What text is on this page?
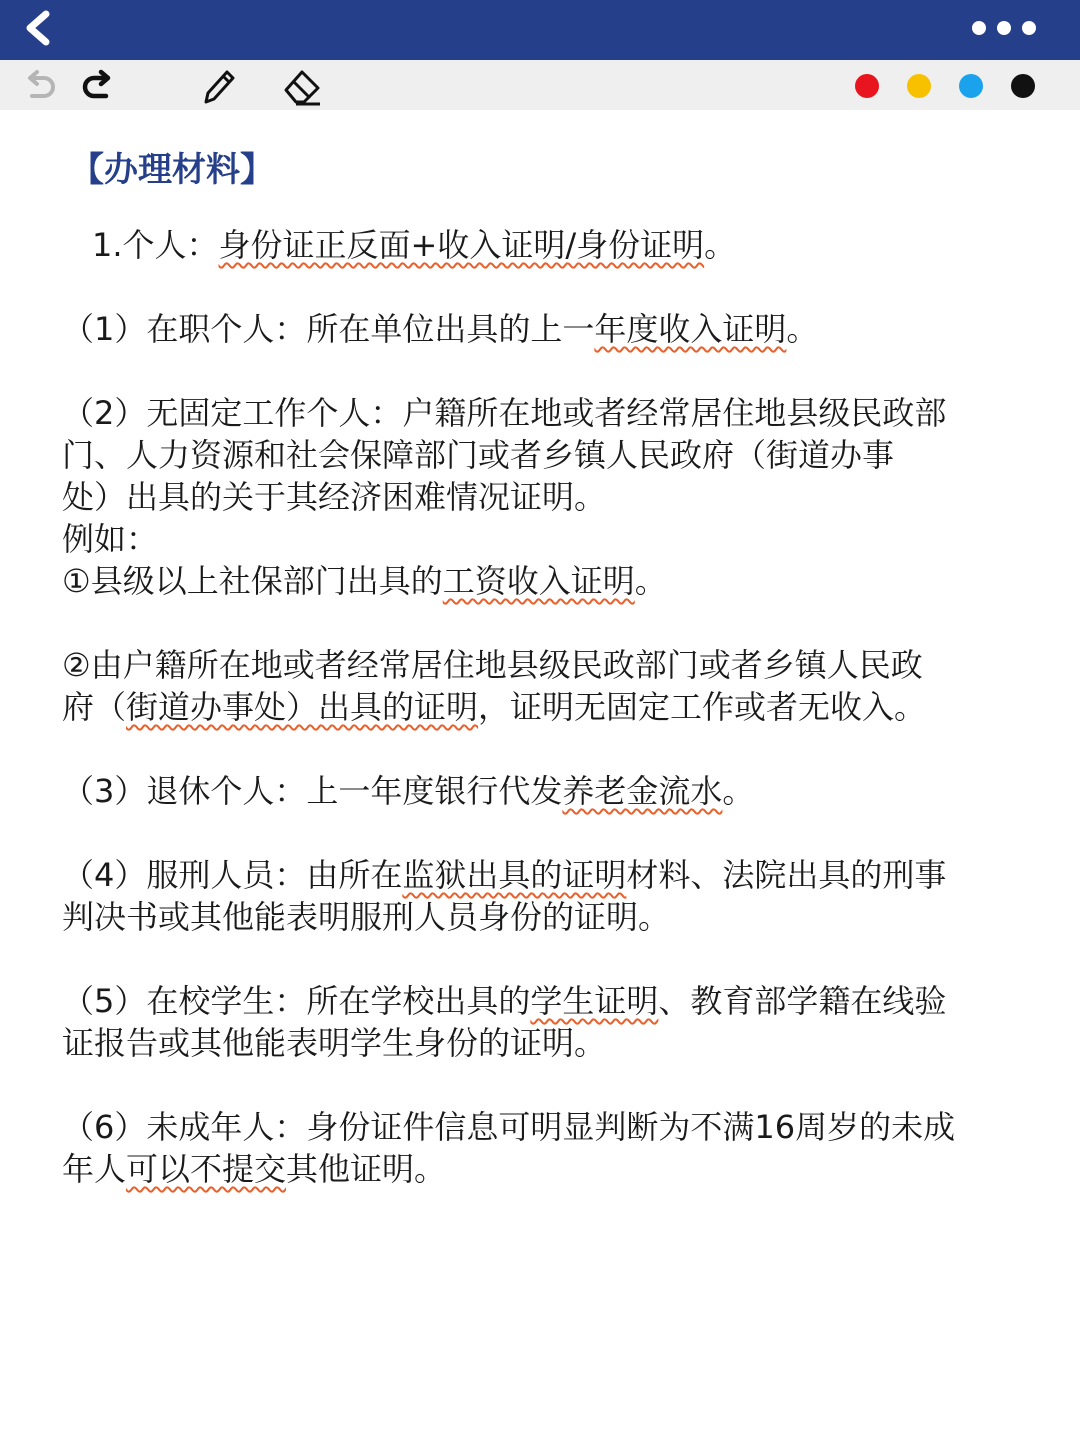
【办理材料】
1.个人：身份证正反面+收入证明/身份证明。
（1）在职个人：所在单位出具的上一年度收入证明。
（2）无固定工作个人：户籍所在地或者经常居住地县级民政部
门、人力资源和社会保障部门或者乡镇人民政府（街道办事
处）出具的关于其经济困难情况证明。
例如：
①县级以上社保部门出具的工资收入证明。
②由户籍所在地或者经常居住地县级民政部门或者乡镇人民政
府（街道办事处）出具的证明，证明无固定工作或者无收入。
（3）退休个人：上一年度银行代发养老金流水。
（4）服刑人员：由所在监狱出具的证明材料、法院出具的刑事
判决书或其他能表明服刑人员身份的证明。
（5）在校学生：所在学校出具的学生证明、教育部学籍在线验
证报告或其他能表明学生身份的证明。
（6）未成年人：身份证件信息可明显判断为不满16周岁的未成
年人可以不提交其他证明。
